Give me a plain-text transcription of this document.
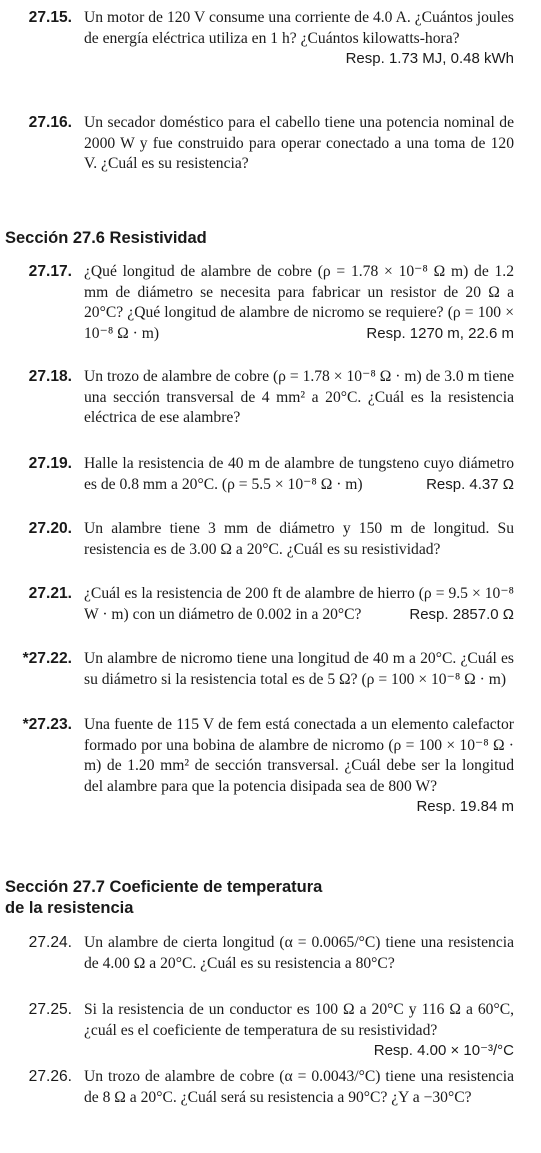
27.15. Un motor de 120 V consume una corriente de 4.0 A. ¿Cuántos joules de energía eléctrica utiliza en 1 h? ¿Cuántos kilowatts-hora?
Resp. 1.73 MJ, 0.48 kWh
27.16. Un secador doméstico para el cabello tiene una potencia nominal de 2000 W y fue construido para operar conectado a una toma de 120 V. ¿Cuál es su resistencia?
Sección 27.6 Resistividad
27.17. ¿Qué longitud de alambre de cobre (ρ = 1.78 × 10⁻⁸ Ω m) de 1.2 mm de diámetro se necesita para fabricar un resistor de 20 Ω a 20°C? ¿Qué longitud de alambre de nicromo se requiere? (ρ = 100 × 10⁻⁸ Ω · m)	Resp. 1270 m, 22.6 m
27.18. Un trozo de alambre de cobre (ρ = 1.78 × 10⁻⁸ Ω · m) de 3.0 m tiene una sección transversal de 4 mm² a 20°C. ¿Cuál es la resistencia eléctrica de ese alambre?
27.19. Halle la resistencia de 40 m de alambre de tungsteno cuyo diámetro es de 0.8 mm a 20°C. (ρ = 5.5 × 10⁻⁸ Ω · m)	Resp. 4.37 Ω
27.20. Un alambre tiene 3 mm de diámetro y 150 m de longitud. Su resistencia es de 3.00 Ω a 20°C. ¿Cuál es su resistividad?
27.21. ¿Cuál es la resistencia de 200 ft de alambre de hierro (ρ = 9.5 × 10⁻⁸ W · m) con un diámetro de 0.002 in a 20°C?	Resp. 2857.0 Ω
*27.22. Un alambre de nicromo tiene una longitud de 40 m a 20°C. ¿Cuál es su diámetro si la resistencia total es de 5 Ω? (ρ = 100 × 10⁻⁸ Ω · m)
*27.23. Una fuente de 115 V de fem está conectada a un elemento calefactor formado por una bobina de alambre de nicromo (ρ = 100 × 10⁻⁸ Ω · m) de 1.20 mm² de sección transversal. ¿Cuál debe ser la longitud del alambre para que la potencia disipada sea de 800 W?
Resp. 19.84 m
Sección 27.7 Coeficiente de temperatura
de la resistencia
27.24. Un alambre de cierta longitud (α = 0.0065/°C) tiene una resistencia de 4.00 Ω a 20°C. ¿Cuál es su resistencia a 80°C?
27.25. Si la resistencia de un conductor es 100 Ω a 20°C y 116 Ω a 60°C, ¿cuál es el coeficiente de temperatura de su resistividad?
Resp. 4.00 × 10⁻³/°C
27.26. Un trozo de alambre de cobre (α = 0.0043/°C) tiene una resistencia de 8 Ω a 20°C. ¿Cuál será su resistencia a 90°C? ¿Y a −30°C?
